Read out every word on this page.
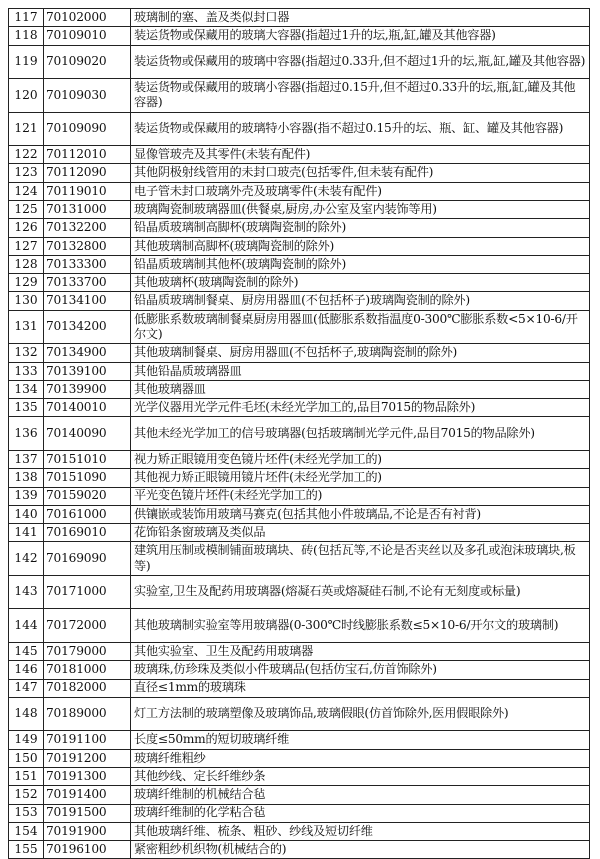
117	70102000	玻璃制的塞、盖及类似封口器
118	70109010	装运货物或保藏用的玻璃大容器(指超过1升的坛,瓶,缸,罐及其他容器)
119	70109020	装运货物或保藏用的玻璃中容器(指超过0.33升,但不超过1升的坛,瓶,缸,罐及其他容器)
120	70109030	装运货物或保藏用的玻璃小容器(指超过0.15升,但不超过0.33升的坛,瓶,缸,罐及其他容器)
121	70109090	装运货物或保藏用的玻璃特小容器(指不超过0.15升的坛、瓶、缸、罐及其他容器)
122	70112010	显像管玻壳及其零件(未装有配件)
123	70112090	其他阴极射线管用的未封口玻壳(包括零件,但未装有配件)
124	70119010	电子管未封口玻璃外壳及玻璃零件(未装有配件)
125	70131000	玻璃陶瓷制玻璃器皿(供餐桌,厨房,办公室及室内装饰等用)
126	70132200	铅晶质玻璃制高脚杯(玻璃陶瓷制的除外)
127	70132800	其他玻璃制高脚杯(玻璃陶瓷制的除外)
128	70133300	铅晶质玻璃制其他杯(玻璃陶瓷制的除外)
129	70133700	其他玻璃杯(玻璃陶瓷制的除外)
130	70134100	铅晶质玻璃制餐桌、厨房用器皿(不包括杯子)玻璃陶瓷制的除外)
131	70134200	低膨胀系数玻璃制餐桌厨房用器皿(低膨胀系数指温度0-300℃膨胀系数<5×10-6/开尔文)
132	70134900	其他玻璃制餐桌、厨房用器皿(不包括杯子,玻璃陶瓷制的除外)
133	70139100	其他铅晶质玻璃器皿
134	70139900	其他玻璃器皿
135	70140010	光学仪器用光学元件毛坯(未经光学加工的,品目7015的物品除外)
136	70140090	其他未经光学加工的信号玻璃器(包括玻璃制光学元件,品目7015的物品除外)
137	70151010	视力矫正眼镜用变色镜片坯件(未经光学加工的)
138	70151090	其他视力矫正眼镜用镜片坯件(未经光学加工的)
139	70159020	平光变色镜片坯件(未经光学加工的)
140	70161000	供镶嵌或装饰用玻璃马赛克(包括其他小件玻璃品,不论是否有衬背)
141	70169010	花饰铅条窗玻璃及类似品
142	70169090	建筑用压制或模制铺面玻璃块、砖(包括瓦等,不论是否夹丝以及多孔或泡沫玻璃块,板等)
143	70171000	实验室,卫生及配药用玻璃器(熔凝石英或熔凝硅石制,不论有无刻度或标量)
144	70172000	其他玻璃制实验室等用玻璃器(0-300℃时线膨胀系数≤5×10-6/开尔文的玻璃制)
145	70179000	其他实验室、卫生及配药用玻璃器
146	70181000	玻璃珠,仿珍珠及类似小件玻璃品(包括仿宝石,仿首饰除外)
147	70182000	直径≤1mm的玻璃珠
148	70189000	灯工方法制的玻璃塑像及玻璃饰品,玻璃假眼(仿首饰除外,医用假眼除外)
149	70191100	长度≤50mm的短切玻璃纤维
150	70191200	玻璃纤维粗纱
151	70191300	其他纱线、定长纤维纱条
152	70191400	玻璃纤维制的机械结合毡
153	70191500	玻璃纤维制的化学粘合毡
154	70191900	其他玻璃纤维、梳条、粗砂、纱线及短切纤维
155	70196100	紧密粗纱机织物(机械结合的)
